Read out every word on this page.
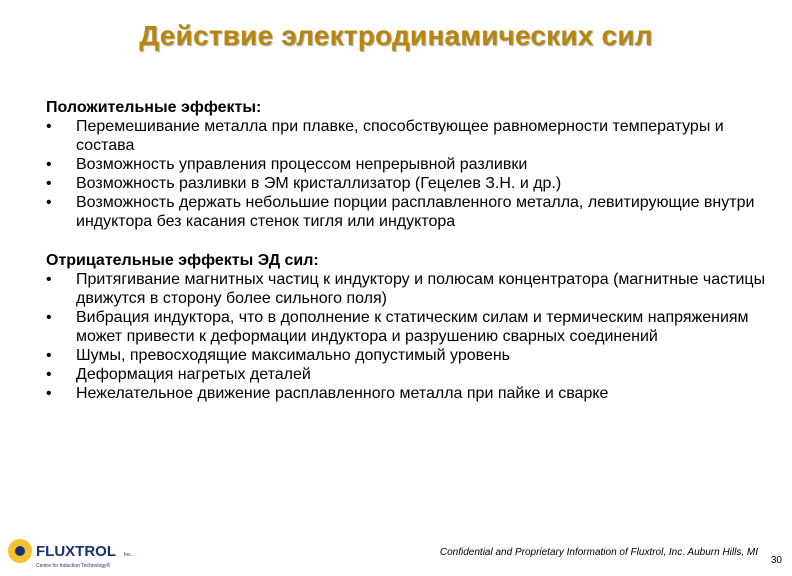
Действие электродинамических сил
Положительные эффекты:
• Перемешивание металла при плавке, способствующее равномерности температуры и состава
• Возможность управления процессом непрерывной разливки
• Возможность разливки в ЭМ кристаллизатор (Гецелев З.Н. и др.)
• Возможность держать небольшие порции расплавленного металла, левитирующие внутри индуктора без касания стенок тигля или индуктора
Отрицательные эффекты ЭД сил:
• Притягивание магнитных частиц к индуктору и полюсам концентратора (магнитные частицы движутся в сторону более сильного поля)
• Вибрация индуктора, что в дополнение к статическим силам и термическим напряжениям может привести к деформации индуктора и разрушению сварных соединений
• Шумы, превосходящие максимально допустимый уровень
• Деформация нагретых деталей
• Нежелательное движение расплавленного металла при пайке и сварке
FLUXTROL Inc.
Centre for Induction Technology®
Confidential and Proprietary Information of Fluxtrol, Inc. Auburn Hills, MI
30
